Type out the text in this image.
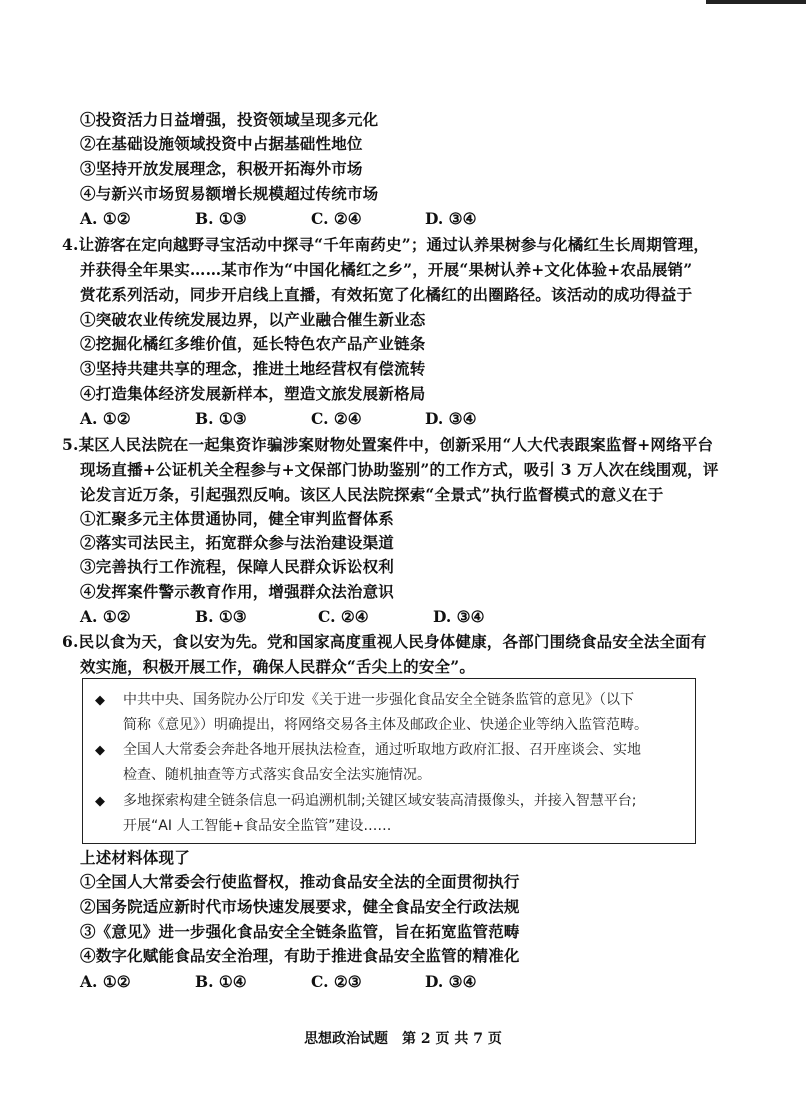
①投资活力日益增强，投资领域呈现多元化
②在基础设施领域投资中占据基础性地位
③坚持开放发展理念，积极开拓海外市场
④与新兴市场贸易额增长规模超过传统市场
A. ①②	B. ①③	C. ②④	D. ③④
4.让游客在定向越野寻宝活动中探寻“千年南药史”；通过认养果树参与化橘红生长周期管理，
并获得全年果实……某市作为“中国化橘红之乡”，开展“果树认养+文化体验+农品展销”
赏花系列活动，同步开启线上直播，有效拓宽了化橘红的出圈路径。该活动的成功得益于
①突破农业传统发展边界，以产业融合催生新业态
②挖掘化橘红多维价值，延长特色农产品产业链条
③坚持共建共享的理念，推进土地经营权有偿流转
④打造集体经济发展新样本，塑造文旅发展新格局
A. ①②	B. ①③	C. ②④	D. ③④
5.某区人民法院在一起集资诈骗涉案财物处置案件中，创新采用“人大代表跟案监督+网络平台
现场直播+公证机关全程参与+文保部门协助鉴别”的工作方式，吸引 3 万人次在线围观，评
论发言近万条，引起强烈反响。该区人民法院探索“全景式”执行监督模式的意义在于
①汇聚多元主体贯通协同，健全审判监督体系
②落实司法民主，拓宽群众参与法治建设渠道
③完善执行工作流程，保障人民群众诉讼权利
④发挥案件警示教育作用，增强群众法治意识
A. ①②	B. ①③	C. ②④	D. ③④
6.民以食为天，食以安为先。党和国家高度重视人民身体健康，各部门围绕食品安全法全面有
效实施，积极开展工作，确保人民群众“舌尖上的安全”。
◆ 中共中央、国务院办公厅印发《关于进一步强化食品安全全链条监管的意见》（以下
简称《意见》）明确提出，将网络交易各主体及邮政企业、快递企业等纳入监管范畴。
◆ 全国人大常委会奔赴各地开展执法检查，通过听取地方政府汇报、召开座谈会、实地
检查、随机抽查等方式落实食品安全法实施情况。
◆ 多地探索构建全链条信息一码追溯机制;关键区域安装高清摄像头，并接入智慧平台;
开展“AI 人工智能+食品安全监管”建设……
上述材料体现了
①全国人大常委会行使监督权，推动食品安全法的全面贯彻执行
②国务院适应新时代市场快速发展要求，健全食品安全行政法规
③《意见》进一步强化食品安全全链条监管，旨在拓宽监管范畴
④数字化赋能食品安全治理，有助于推进食品安全监管的精准化
A. ①②	B. ①④	C. ②③	D. ③④
思想政治试题　第 2 页 共 7 页
